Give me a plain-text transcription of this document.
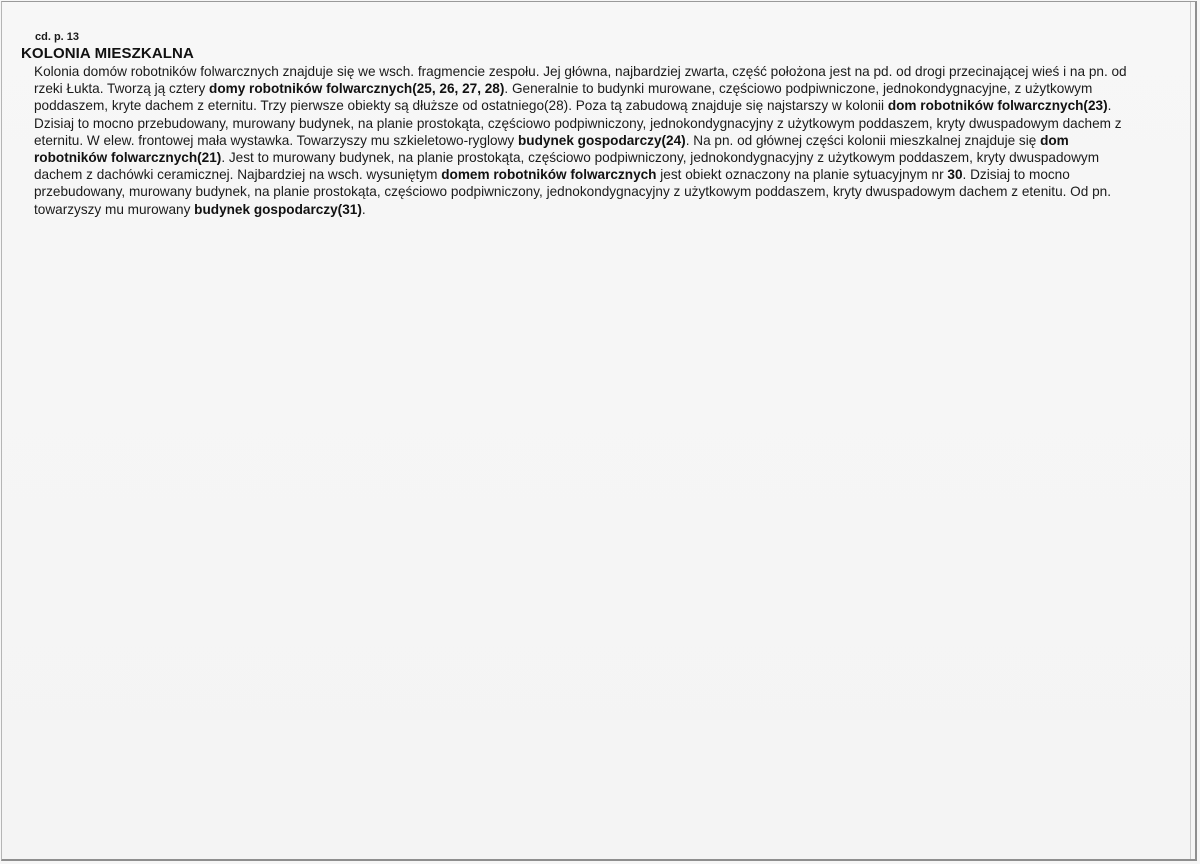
cd. p. 13
KOLONIA MIESZKALNA

Kolonia domów robotników folwarcznych znajduje się we wsch. fragmencie zespołu. Jej główna, najbardziej zwarta, część położona jest na pd. od drogi przecinającej wieś i na pn. od rzeki Łukta. Tworzą ją cztery domy robotników folwarcznych(25, 26, 27, 28). Generalnie to budynki murowane, częściowo podpiwniczone, jednokondygnacyjne, z użytkowym poddaszem, kryte dachem z eternitu. Trzy pierwsze obiekty są dłuższe od ostatniego(28). Poza tą zabudową znajduje się najstarszy w kolonii dom robotników folwarcznych(23). Dzisiaj to mocno przebudowany, murowany budynek, na planie prostokąta, częściowo podpiwniczony, jednokondygnacyjny z użytkowym poddaszem, kryty dwuspadowym dachem z eternitu. W elew. frontowej mała wystawka. Towarzyszy mu szkieletowo-ryglowy budynek gospodarczy(24). Na pn. od głównej części kolonii mieszkalnej znajduje się dom robotników folwarcznych(21). Jest to murowany budynek, na planie prostokąta, częściowo podpiwniczony, jednokondygnacyjny z użytkowym poddaszem, kryty dwuspadowym dachem z dachówki ceramicznej. Najbardziej na wsch. wysuniętym domem robotników folwarcznych jest obiekt oznaczony na planie sytuacyjnym nr 30. Dzisiaj to mocno przebudowany, murowany budynek, na planie prostokąta, częściowo podpiwniczony, jednokondygnacyjny z użytkowym poddaszem, kryty dwuspadowym dachem z etenitu. Od pn. towarzyszy mu murowany budynek gospodarczy(31).
